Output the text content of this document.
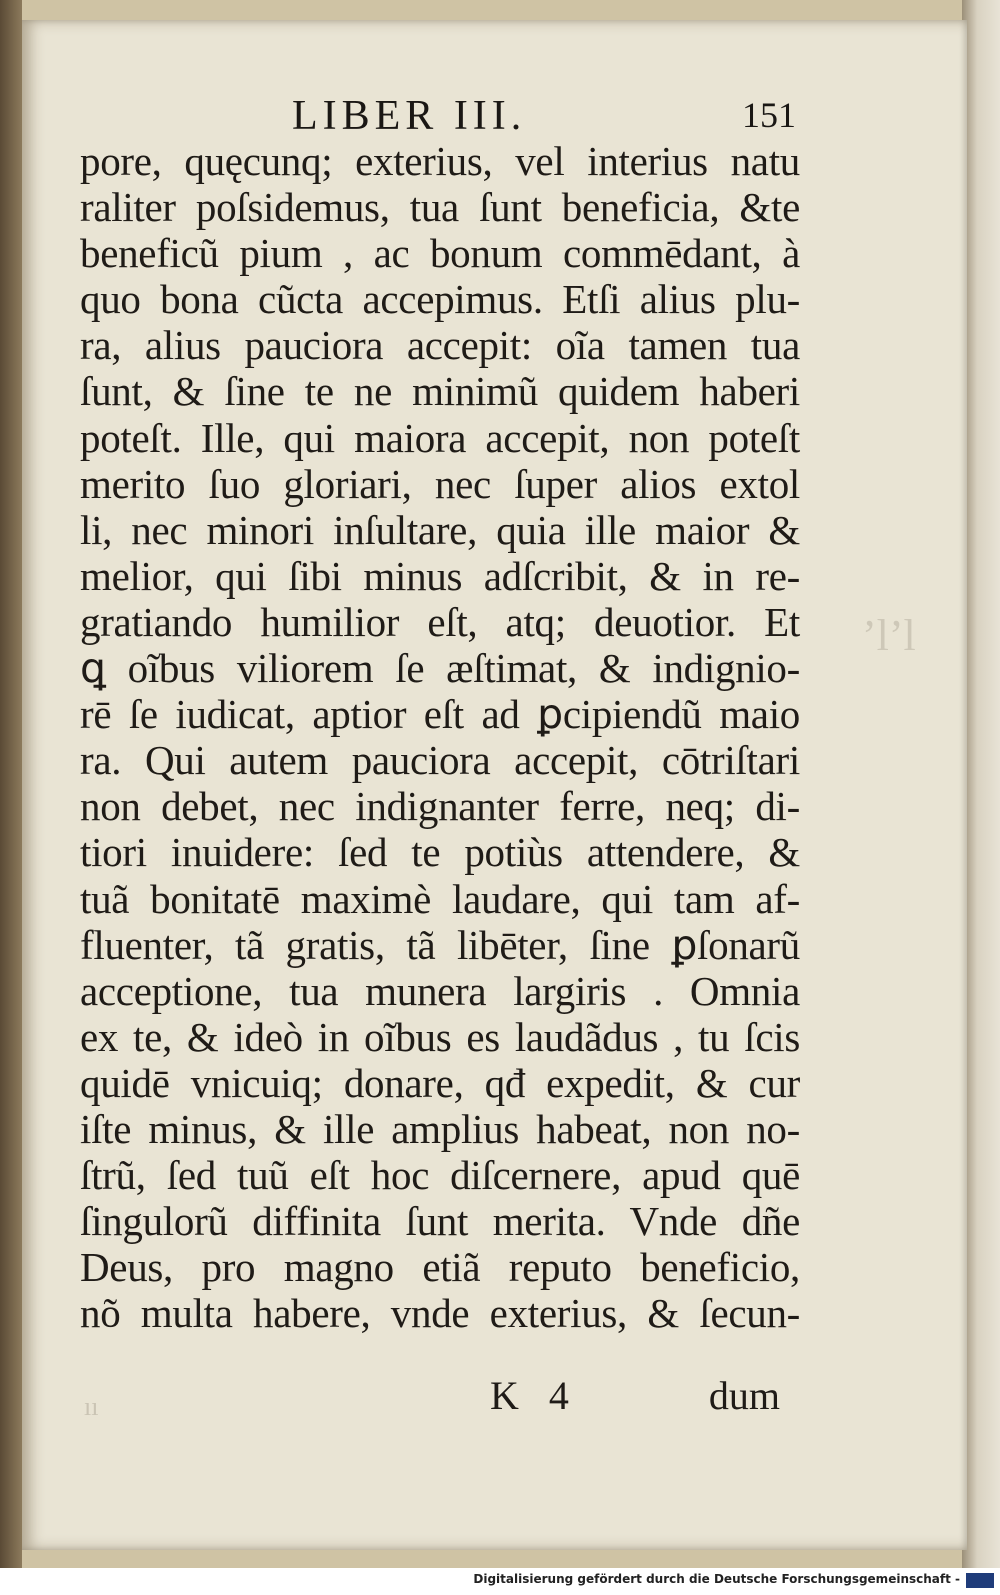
LIBER III.	151
pore, quęcunq; exterius, vel interius natu
raliter poſsidemus, tua ſunt beneficia, &te
beneficũ pium , ac bonum commēdant, à
quo bona cũcta accepimus. Etſi alius plu-
ra, alius pauciora accepit: oĩa tamen tua
ſunt, & ſine te ne minimũ quidem haberi
poteſt. Ille, qui maiora accepit, non poteſt
merito ſuo gloriari, nec ſuper alios extol
li, nec minori inſultare, quia ille maior &
melior, qui ſibi minus adſcribit, & in re-
gratiando humilior eſt, atq; deuotior. Et
ꝗ oĩbus viliorem ſe æſtimat, & indignio-
rē ſe iudicat, aptior eſt ad ꝑcipiendũ maio
ra. Qui autem pauciora accepit, cōtriſtari
non debet, nec indignanter ferre, neq; di-
tiori inuidere: ſed te potiùs attendere, &
tuã bonitatē maximè laudare, qui tam af-
fluenter, tã gratis, tã libēter, ſine ꝑſonarũ
acceptione, tua munera largiris . Omnia
ex te, & ideò in oĩbus es laudãdus , tu ſcis
quidē vnicuiq; donare, qđ expedit, & cur
iſte minus, & ille amplius habeat, non no-
ſtrũ, ſed tuũ eſt hoc diſcernere, apud quē
ſingulorũ diffinita ſunt merita. Vnde dñe
Deus, pro magno etiã reputo beneficio,
nõ multa habere, vnde exterius, & ſecun-
’l’l
ıı	K 4	dum
Digitalisierung gefördert durch die Deutsche Forschungsgemeinschaft -
